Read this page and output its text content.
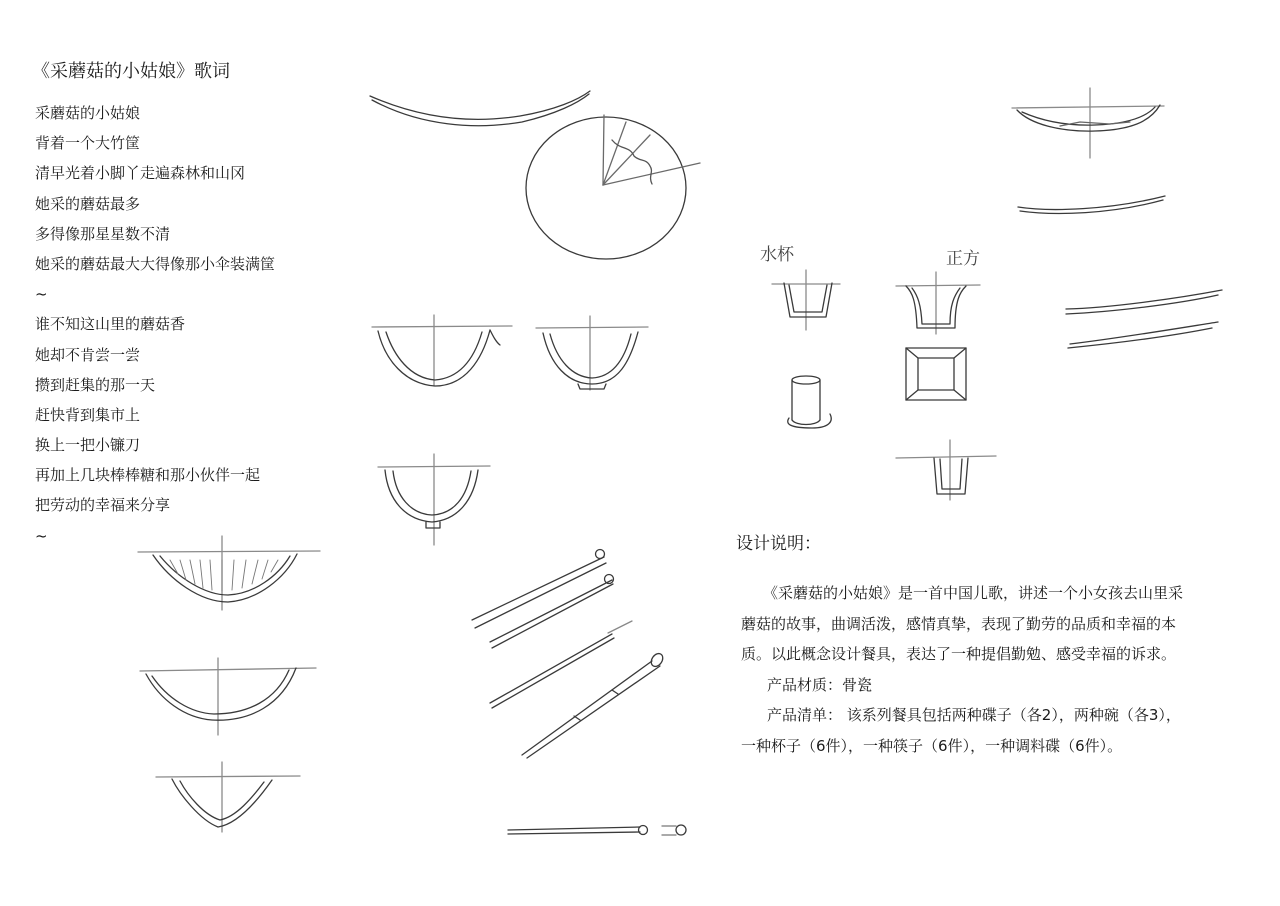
水杯	正方
《采蘑菇的小姑娘》歌词
采蘑菇的小姑娘
背着一个大竹筐
清早光着小脚丫走遍森林和山冈
她采的蘑菇最多
多得像那星星数不清
她采的蘑菇最大大得像那小伞装满筐
~
谁不知这山里的蘑菇香
她却不肯尝一尝
攒到赶集的那一天
赶快背到集市上
换上一把小镰刀
再加上几块棒棒糖和那小伙伴一起
把劳动的幸福来分享
~	设计说明：

《采蘑菇的小姑娘》是一首中国儿歌，讲述一个小女孩去山里采蘑菇的故事，曲调活泼，感情真挚，表现了勤劳的品质和幸福的本质。以此概念设计餐具，表达了一种提倡勤勉、感受幸福的诉求。

产品材质：骨瓷

产品清单： 该系列餐具包括两种碟子（各2），两种碗（各3），一种杯子（6件），一种筷子（6件），一种调料碟（6件）。
